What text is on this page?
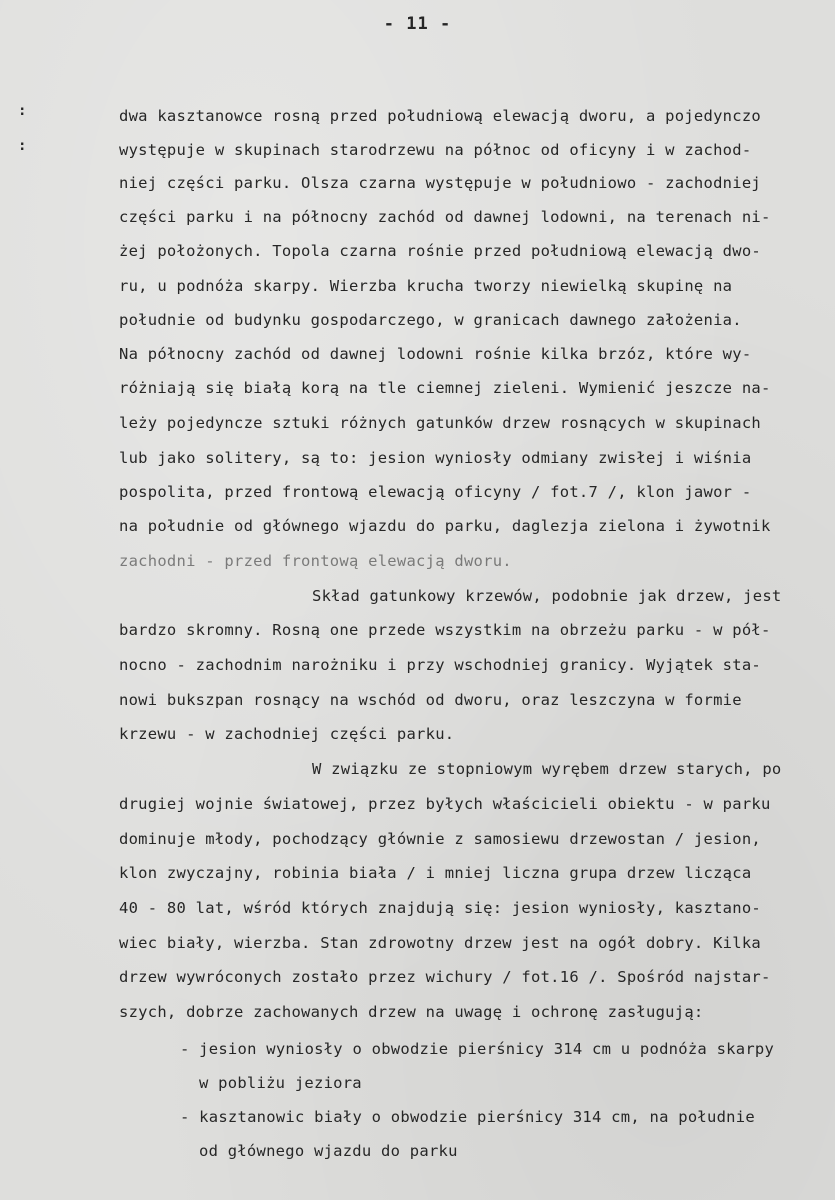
- 11 -
:
:
dwa kasztanowce rosną przed południową elewacją dworu, a pojedynczo
występuje w skupinach starodrzewu na północ od oficyny i w zachod-
niej części parku. Olsza czarna występuje w południowo - zachodniej
części parku i na północny zachód od dawnej lodowni, na terenach ni-
żej położonych. Topola czarna rośnie przed południową elewacją dwo-
ru, u podnóża skarpy. Wierzba krucha tworzy niewielką skupinę na
południe od budynku gospodarczego, w granicach dawnego założenia.
Na północny zachód od dawnej lodowni rośnie kilka brzóz, które wy-
różniają się białą korą na tle ciemnej zieleni. Wymienić jeszcze na-
leży pojedyncze sztuki różnych gatunków drzew rosnących w skupinach
lub jako solitery, są to: jesion wyniosły odmiany zwisłej i wiśnia
pospolita, przed frontową elewacją oficyny / fot.7 /, klon jawor -
na południe od głównego wjazdu do parku, daglezja zielona i żywotnik
zachodni - przed frontową elewacją dworu.
Skład gatunkowy krzewów, podobnie jak drzew, jest
bardzo skromny. Rosną one przede wszystkim na obrzeżu parku - w pół-
nocno - zachodnim narożniku i przy wschodniej granicy. Wyjątek sta-
nowi bukszpan rosnący na wschód od dworu, oraz leszczyna w formie
krzewu - w zachodniej części parku.
W związku ze stopniowym wyrębem drzew starych, po
drugiej wojnie światowej, przez byłych właścicieli obiektu - w parku
dominuje młody, pochodzący głównie z samosiewu drzewostan / jesion,
klon zwyczajny, robinia biała / i mniej liczna grupa drzew licząca
40 - 80 lat, wśród których znajdują się: jesion wyniosły, kasztano-
wiec biały, wierzba. Stan zdrowotny drzew jest na ogół dobry. Kilka
drzew wywróconych zostało przez wichury / fot.16 /. Spośród najstar-
szych, dobrze zachowanych drzew na uwagę i ochronę zasługują:
- jesion wyniosły o obwodzie pierśnicy 314 cm u podnóża skarpy
w pobliżu jeziora
- kasztanowic biały o obwodzie pierśnicy 314 cm, na południe
od głównego wjazdu do parku
